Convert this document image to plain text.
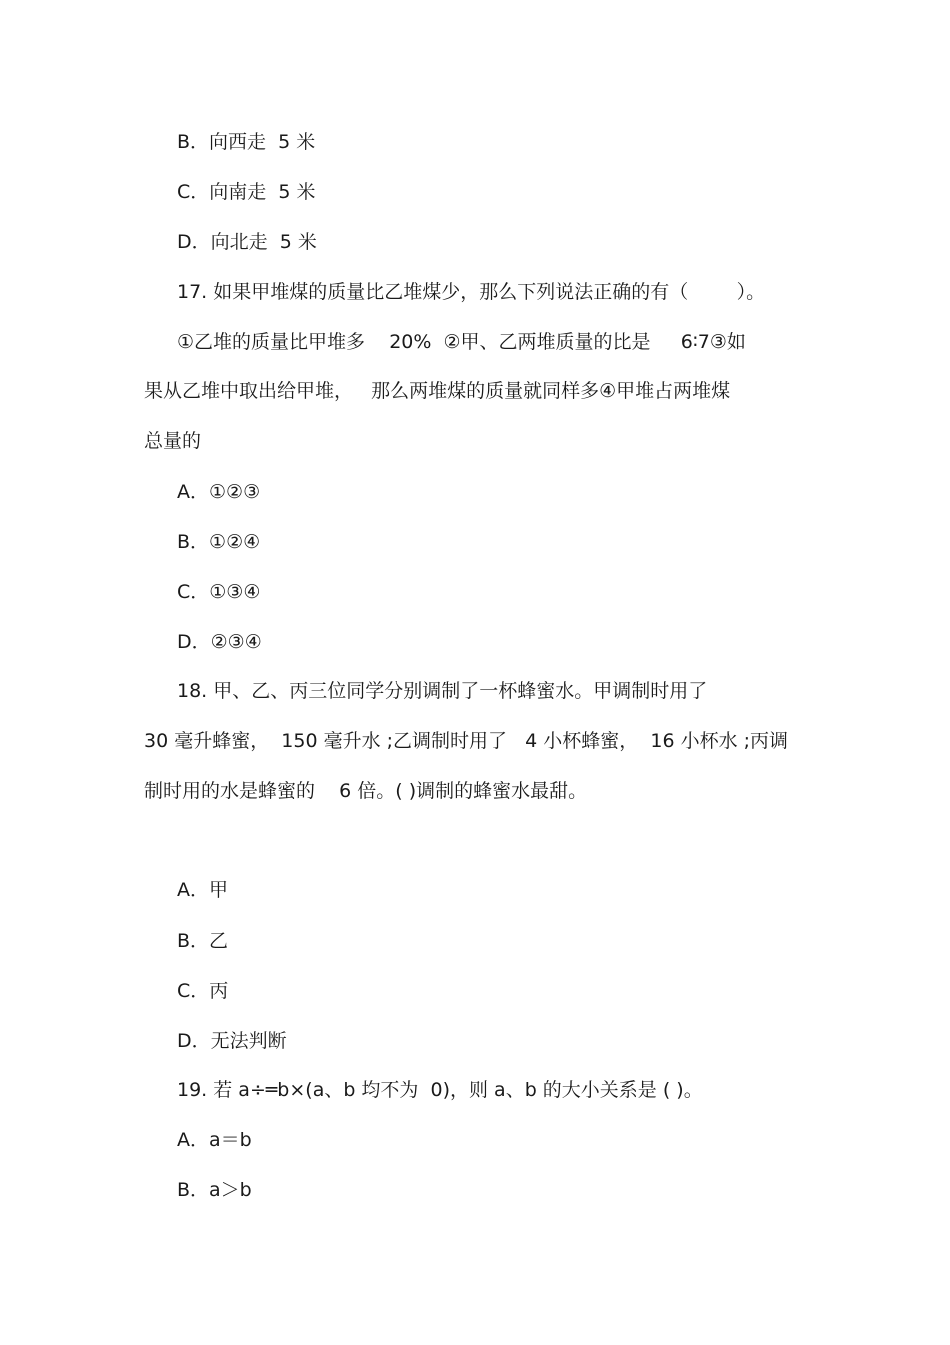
B．向西走  5 米

C．向南走  5 米

D．向北走  5 米

17. 如果甲堆煤的质量比乙堆煤少，那么下列说法正确的有（        ）。

①乙堆的质量比甲堆多    20%  ②甲、乙两堆质量的比是     6∶7③如

果从乙堆中取出给甲堆，   那么两堆煤的质量就同样多④甲堆占两堆煤

总量的

A．①②③

B．①②④

C．①③④

D．②③④

18. 甲、乙、丙三位同学分别调制了一杯蜂蜜水。甲调制时用了

30 毫升蜂蜜，  150 毫升水 ;乙调制时用了   4 小杯蜂蜜，  16 小杯水 ;丙调

制时用的水是蜂蜜的    6 倍。( )调制的蜂蜜水最甜。

A．甲

B．乙

C．丙

D．无法判断

19. 若 a÷═b×(a、b 均不为  0)，则 a、b 的大小关系是 ( )。

A．a＝b

B．a＞b
